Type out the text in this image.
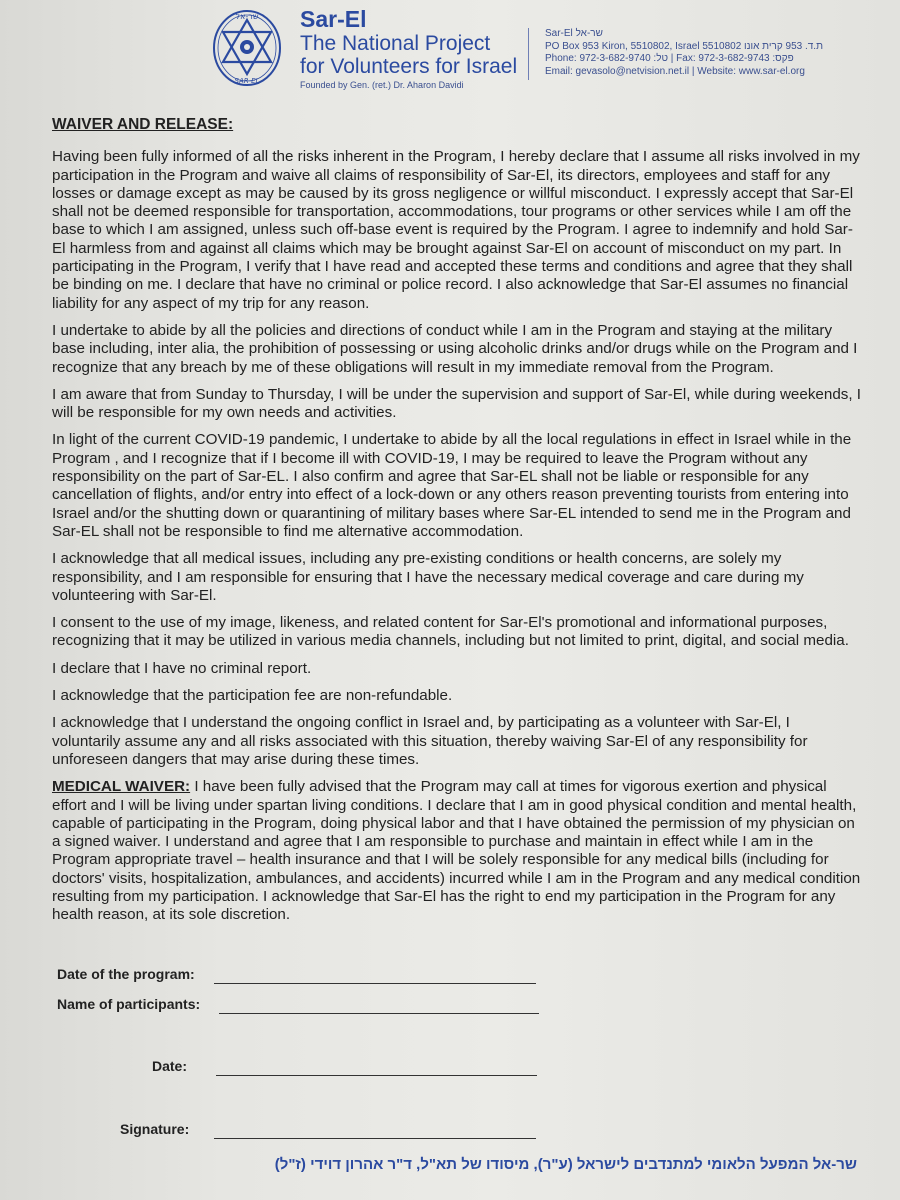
שר-אל
SAR-EL
Sar-El
The National Project
for Volunteers for Israel
Founded by Gen. (ret.) Dr. Aharon Davidi
Sar-El שר-אל
PO Box 953 Kiron, 5510802, Israel 5510802 ת.ד. 953 קרית אונו
Phone: 972-3-682-9740 :טל | Fax: 972-3-682-9743 :פקס
Email: gevasolo@netvision.net.il | Website: www.sar-el.org

WAIVER AND RELEASE:

Having been fully informed of all the risks inherent in the Program, I hereby declare that I assume all risks involved in my participation in the Program and waive all claims of responsibility of Sar-El, its directors, employees and staff for any losses or damage except as may be caused by its gross negligence or willful misconduct. I expressly accept that Sar-El shall not be deemed responsible for transportation, accommodations, tour programs or other services while I am off the base to which I am assigned, unless such off-base event is required by the Program. I agree to indemnify and hold Sar-El harmless from and against all claims which may be brought against Sar-El on account of misconduct on my part. In participating in the Program, I verify that I have read and accepted these terms and conditions and agree that they shall be binding on me. I declare that have no criminal or police record. I also acknowledge that Sar-El assumes no financial liability for any aspect of my trip for any reason.

I undertake to abide by all the policies and directions of conduct while I am in the Program and staying at the military base including, inter alia, the prohibition of possessing or using alcoholic drinks and/or drugs while on the Program and I recognize that any breach by me of these obligations will result in my immediate removal from the Program.

I am aware that from Sunday to Thursday, I will be under the supervision and support of Sar-El, while during weekends, I will be responsible for my own needs and activities.

In light of the current COVID-19 pandemic, I undertake to abide by all the local regulations in effect in Israel while in the Program , and I recognize that if I become ill with COVID-19, I may be required to leave the Program without any responsibility on the part of Sar-EL. I also confirm and agree that Sar-EL shall not be liable or responsible for any cancellation of flights, and/or entry into effect of a lock-down or any others reason preventing tourists from entering into Israel and/or the shutting down or quarantining of military bases where Sar-EL intended to send me in the Program and Sar-EL shall not be responsible to find me alternative accommodation.

I acknowledge that all medical issues, including any pre-existing conditions or health concerns, are solely my responsibility, and I am responsible for ensuring that I have the necessary medical coverage and care during my volunteering with Sar-El.

I consent to the use of my image, likeness, and related content for Sar-El's promotional and informational purposes, recognizing that it may be utilized in various media channels, including but not limited to print, digital, and social media.

I declare that I have no criminal report.

I acknowledge that the participation fee are non-refundable.

I acknowledge that I understand the ongoing conflict in Israel and, by participating as a volunteer with Sar-El, I voluntarily assume any and all risks associated with this situation, thereby waiving Sar-El of any responsibility for unforeseen dangers that may arise during these times.

MEDICAL WAIVER: I have been fully advised that the Program may call at times for vigorous exertion and physical effort and I will be living under spartan living conditions. I declare that I am in good physical condition and mental health, capable of participating in the Program, doing physical labor and that I have obtained the permission of my physician on a signed waiver. I understand and agree that I am responsible to purchase and maintain in effect while I am in the Program appropriate travel – health insurance and that I will be solely responsible for any medical bills (including for doctors' visits, hospitalization, ambulances, and accidents) incurred while I am in the Program and any medical condition resulting from my participation. I acknowledge that Sar-El has the right to end my participation in the Program for any health reason, at its sole discretion.

Date of the program:
Name of participants:
Date:
Signature:
שר-אל המפעל הלאומי למתנדבים לישראל (ע"ר), מיסודו של תא"ל, ד"ר אהרון דוידי (ז"ל)
